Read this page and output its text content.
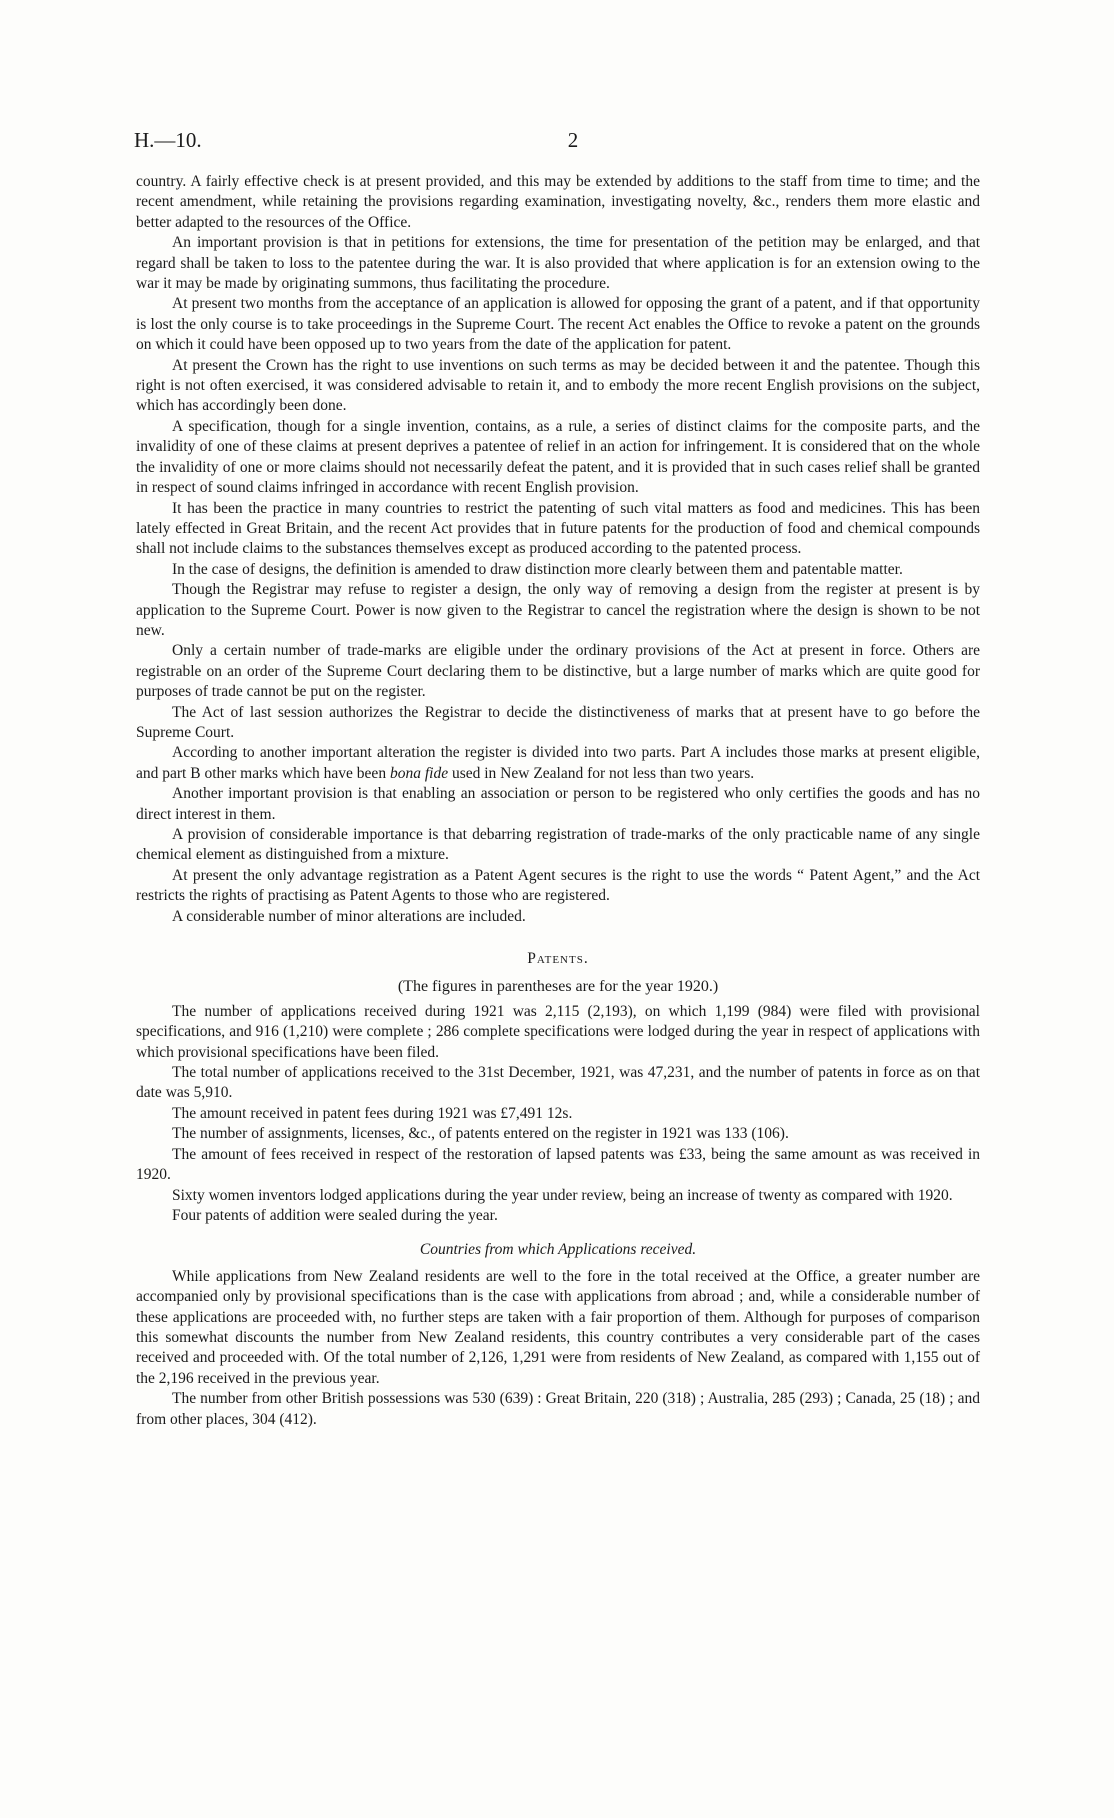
H.—10.	2

country. A fairly effective check is at present provided, and this may be extended by additions to the staff from time to time; and the recent amendment, while retaining the provisions regarding examination, investigating novelty, &c., renders them more elastic and better adapted to the resources of the Office.

An important provision is that in petitions for extensions, the time for presentation of the petition may be enlarged, and that regard shall be taken to loss to the patentee during the war. It is also provided that where application is for an extension owing to the war it may be made by originating summons, thus facilitating the procedure.

At present two months from the acceptance of an application is allowed for opposing the grant of a patent, and if that opportunity is lost the only course is to take proceedings in the Supreme Court. The recent Act enables the Office to revoke a patent on the grounds on which it could have been opposed up to two years from the date of the application for patent.

At present the Crown has the right to use inventions on such terms as may be decided between it and the patentee. Though this right is not often exercised, it was considered advisable to retain it, and to embody the more recent English provisions on the subject, which has accordingly been done.

A specification, though for a single invention, contains, as a rule, a series of distinct claims for the composite parts, and the invalidity of one of these claims at present deprives a patentee of relief in an action for infringement. It is considered that on the whole the invalidity of one or more claims should not necessarily defeat the patent, and it is provided that in such cases relief shall be granted in respect of sound claims infringed in accordance with recent English provision.

It has been the practice in many countries to restrict the patenting of such vital matters as food and medicines. This has been lately effected in Great Britain, and the recent Act provides that in future patents for the production of food and chemical compounds shall not include claims to the substances themselves except as produced according to the patented process.

In the case of designs, the definition is amended to draw distinction more clearly between them and patentable matter.

Though the Registrar may refuse to register a design, the only way of removing a design from the register at present is by application to the Supreme Court. Power is now given to the Registrar to cancel the registration where the design is shown to be not new.

Only a certain number of trade-marks are eligible under the ordinary provisions of the Act at present in force. Others are registrable on an order of the Supreme Court declaring them to be distinctive, but a large number of marks which are quite good for purposes of trade cannot be put on the register.

The Act of last session authorizes the Registrar to decide the distinctiveness of marks that at present have to go before the Supreme Court.

According to another important alteration the register is divided into two parts. Part A includes those marks at present eligible, and part B other marks which have been bona fide used in New Zealand for not less than two years.

Another important provision is that enabling an association or person to be registered who only certifies the goods and has no direct interest in them.

A provision of considerable importance is that debarring registration of trade-marks of the only practicable name of any single chemical element as distinguished from a mixture.

At present the only advantage registration as a Patent Agent secures is the right to use the words “ Patent Agent,” and the Act restricts the rights of practising as Patent Agents to those who are registered.

A considerable number of minor alterations are included.

Patents.
(The figures in parentheses are for the year 1920.)

The number of applications received during 1921 was 2,115 (2,193), on which 1,199 (984) were filed with provisional specifications, and 916 (1,210) were complete ; 286 complete specifications were lodged during the year in respect of applications with which provisional specifications have been filed.

The total number of applications received to the 31st December, 1921, was 47,231, and the number of patents in force as on that date was 5,910.

The amount received in patent fees during 1921 was £7,491 12s.

The number of assignments, licenses, &c., of patents entered on the register in 1921 was 133 (106).

The amount of fees received in respect of the restoration of lapsed patents was £33, being the same amount as was received in 1920.

Sixty women inventors lodged applications during the year under review, being an increase of twenty as compared with 1920.

Four patents of addition were sealed during the year.

Countries from which Applications received.

While applications from New Zealand residents are well to the fore in the total received at the Office, a greater number are accompanied only by provisional specifications than is the case with applications from abroad ; and, while a considerable number of these applications are proceeded with, no further steps are taken with a fair proportion of them. Although for purposes of comparison this somewhat discounts the number from New Zealand residents, this country contributes a very considerable part of the cases received and proceeded with. Of the total number of 2,126, 1,291 were from residents of New Zealand, as compared with 1,155 out of the 2,196 received in the previous year.

The number from other British possessions was 530 (639) : Great Britain, 220 (318) ; Australia, 285 (293) ; Canada, 25 (18) ; and from other places, 304 (412).
